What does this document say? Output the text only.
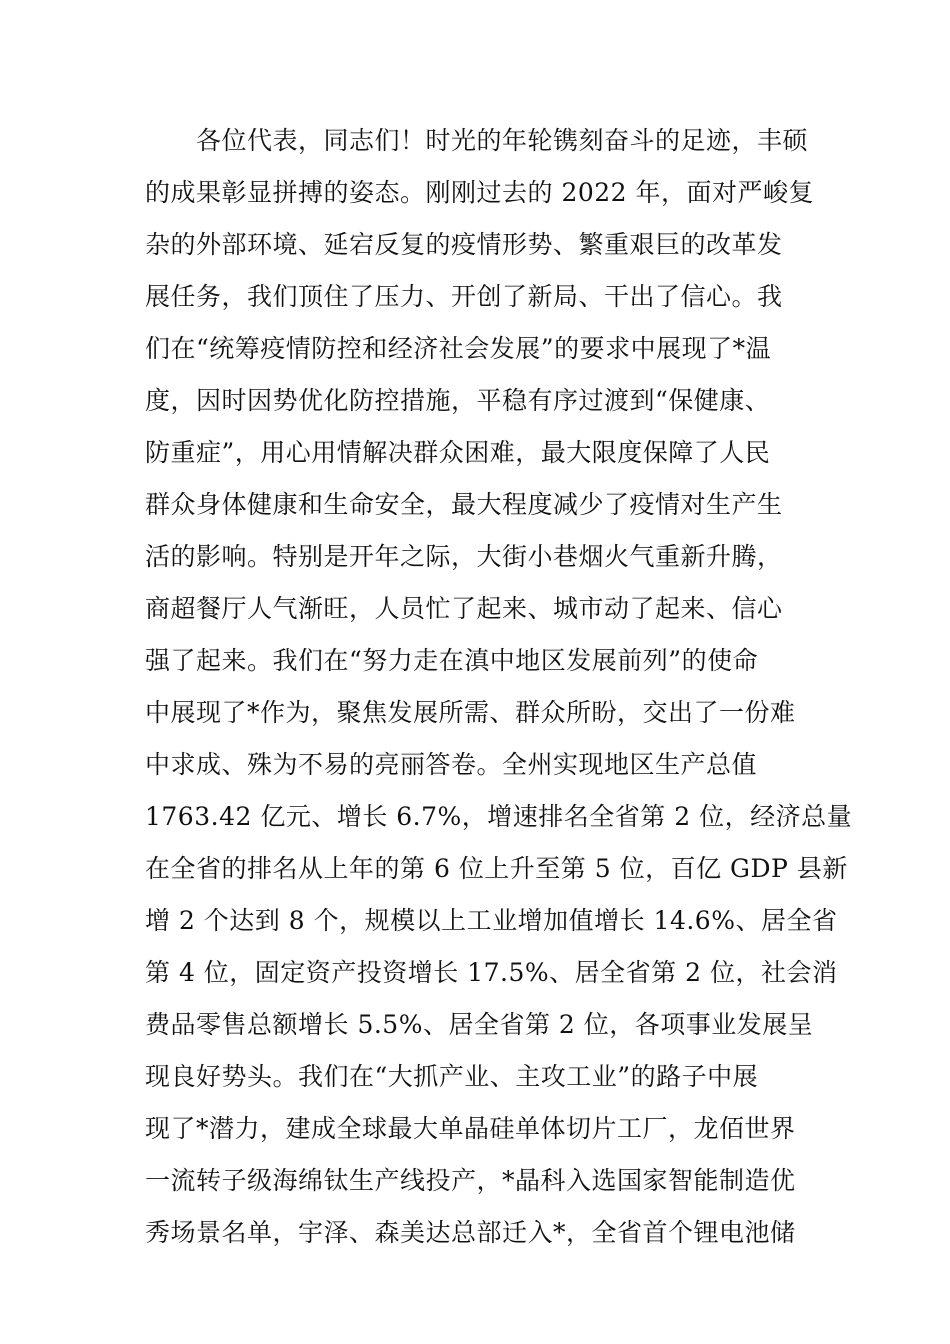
　　各位代表，同志们！时光的年轮镌刻奋斗的足迹，丰硕
的成果彰显拼搏的姿态。刚刚过去的 2022 年，面对严峻复
杂的外部环境、延宕反复的疫情形势、繁重艰巨的改革发
展任务，我们顶住了压力、开创了新局、干出了信心。我
们在“统筹疫情防控和经济社会发展”的要求中展现了*温
度，因时因势优化防控措施，平稳有序过渡到“保健康、
防重症”，用心用情解决群众困难，最大限度保障了人民
群众身体健康和生命安全，最大程度减少了疫情对生产生
活的影响。特别是开年之际，大街小巷烟火气重新升腾，
商超餐厅人气渐旺，人员忙了起来、城市动了起来、信心
强了起来。我们在“努力走在滇中地区发展前列”的使命
中展现了*作为，聚焦发展所需、群众所盼，交出了一份难
中求成、殊为不易的亮丽答卷。全州实现地区生产总值
1763.42 亿元、增长 6.7%，增速排名全省第 2 位，经济总量
在全省的排名从上年的第 6 位上升至第 5 位，百亿 GDP 县新
增 2 个达到 8 个，规模以上工业增加值增长 14.6%、居全省
第 4 位，固定资产投资增长 17.5%、居全省第 2 位，社会消
费品零售总额增长 5.5%、居全省第 2 位，各项事业发展呈
现良好势头。我们在“大抓产业、主攻工业”的路子中展
现了*潜力，建成全球最大单晶硅单体切片工厂，龙佰世界
一流转子级海绵钛生产线投产，*晶科入选国家智能制造优
秀场景名单，宇泽、森美达总部迁入*，全省首个锂电池储
